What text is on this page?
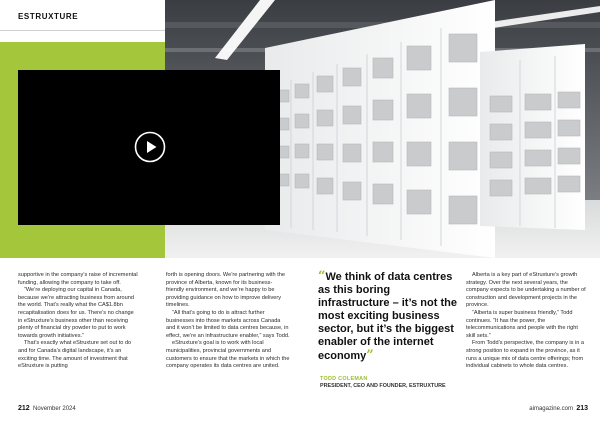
ESTRUXTURE

supportive in the company’s raise of incremental funding, allowing the company to take off.

“We’re deploying our capital in Canada, because we’re attracting business from around the world. That’s really what the CA$1.8bn recapitalisation does for us. There’s no change in eStruxture’s business other than receiving plenty of financial dry powder to put to work towards growth initiatives.”

That’s exactly what eStruxture set out to do and for Canada’s digital landscape, it’s an exciting time. The amount of investment that eStruxture is putting

forth is opening doors. We’re partnering with the province of Alberta, known for its business-friendly environment, and we’re happy to be providing guidance on how to improve delivery timelines.

“All that’s going to do is attract further businesses into those markets across Canada and it won’t be limited to data centres because, in effect, we’re an infrastructure enabler,” says Todd.

eStruxture’s goal is to work with local municipalities, provincial governments and customers to ensure that the markets in which the company operates its data centres are united.

“We think of data centres as this boring infrastructure – it’s not the most exciting business sector, but it’s the biggest enabler of the internet economy”
TODD COLEMAN
PRESIDENT, CEO AND FOUNDER, ESTRUXTURE

Alberta is a key part of eStruxture’s growth strategy. Over the next several years, the company expects to be undertaking a number of construction and development projects in the province.

“Alberta is super business friendly,” Todd continues. “It has the power, the telecommunications and people with the right skill sets.”

From Todd’s perspective, the company is in a strong position to expand in the province, as it runs a unique mix of data centre offerings; from individual cabinets to whole data centres.

212 November 2024	aimagazine.com 213
